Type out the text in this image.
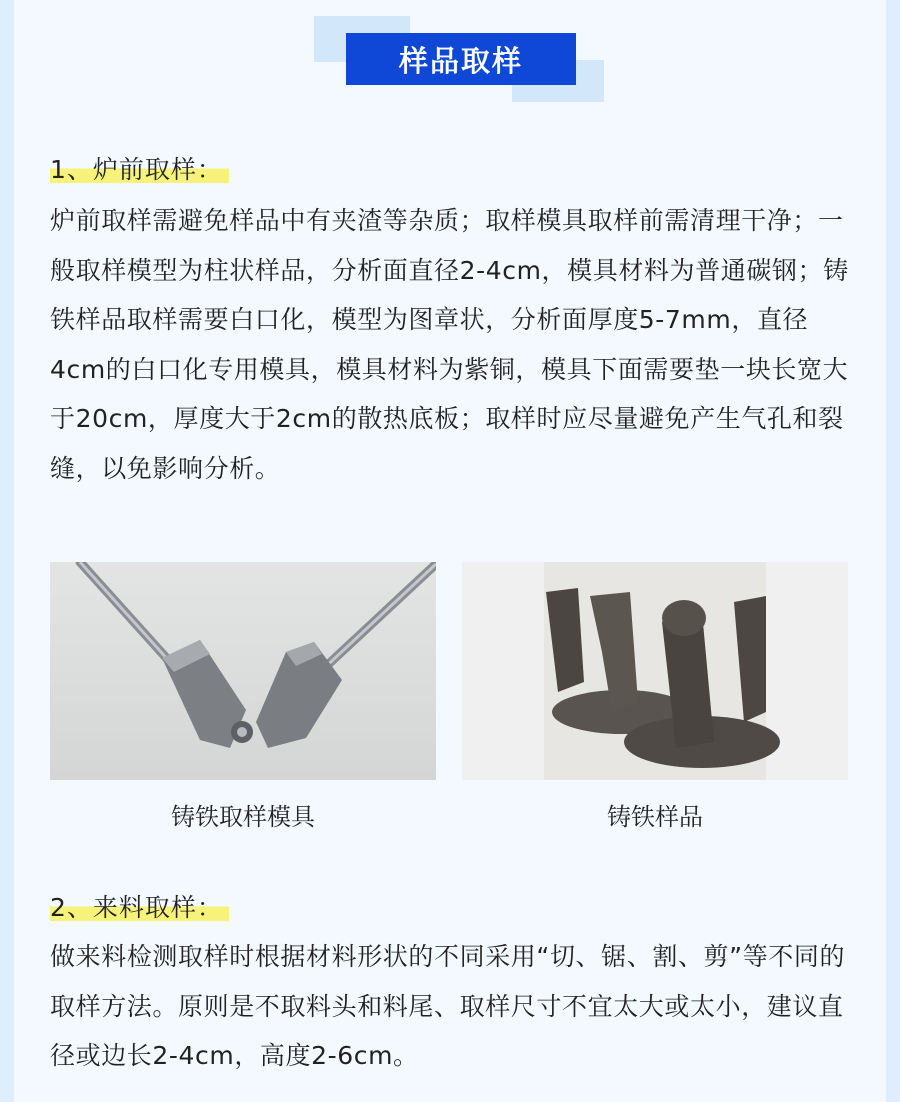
样品取样
1、炉前取样：
炉前取样需避免样品中有夹渣等杂质；取样模具取样前需清理干净；一般取样模型为柱状样品，分析面直径2-4cm，模具材料为普通碳钢；铸铁样品取样需要白口化，模型为图章状，分析面厚度5-7mm，直径4cm的白口化专用模具，模具材料为紫铜，模具下面需要垫一块长宽大于20cm，厚度大于2cm的散热底板；取样时应尽量避免产生气孔和裂缝，以免影响分析。
铸铁取样模具	铸铁样品
2、来料取样：
做来料检测取样时根据材料形状的不同采用“切、锯、割、剪”等不同的取样方法。原则是不取料头和料尾、取样尺寸不宜太大或太小，建议直径或边长2-4cm，高度2-6cm。
